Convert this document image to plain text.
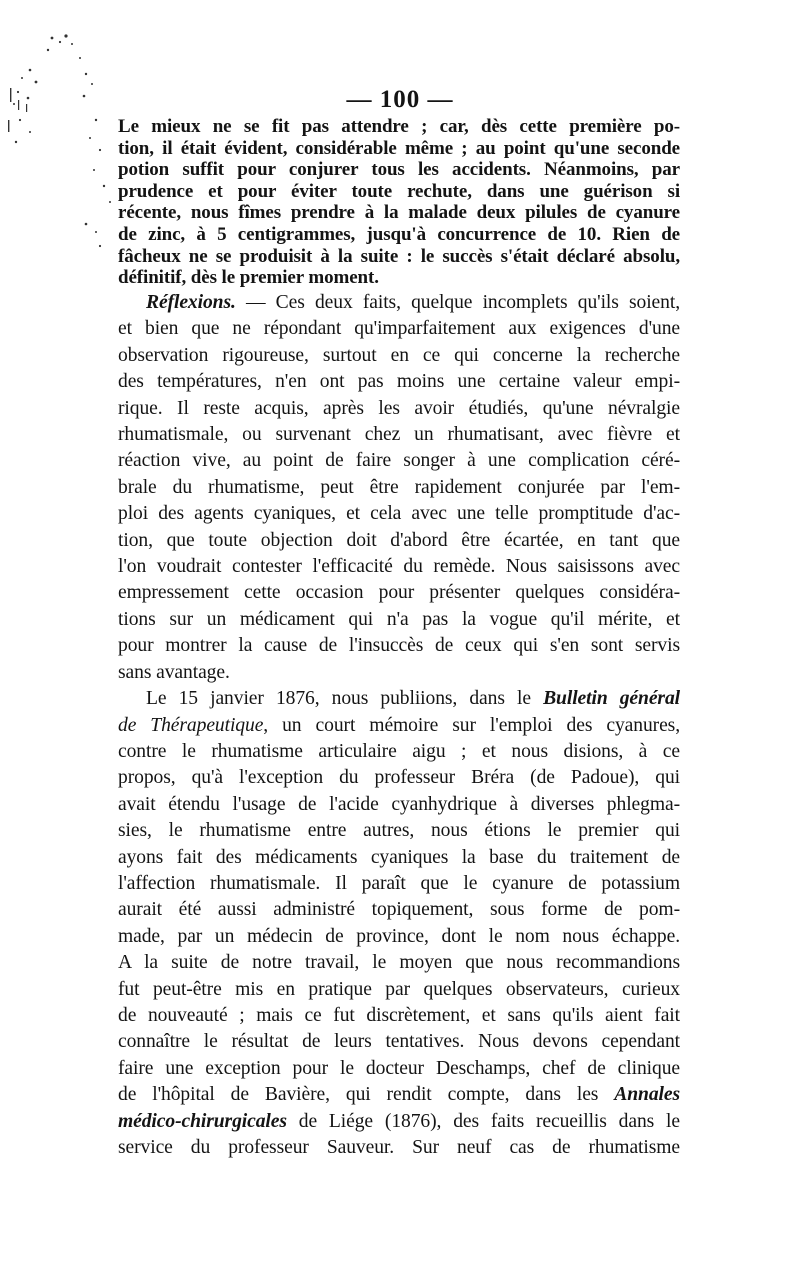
— 100 —
Le mieux ne se fit pas attendre ; car, dès cette première po-
tion, il était évident, considérable même ; au point qu'une seconde
potion suffit pour conjurer tous les accidents. Néanmoins, par
prudence et pour éviter toute rechute, dans une guérison si
récente, nous fîmes prendre à la malade deux pilules de cyanure
de zinc, à 5 centigrammes, jusqu'à concurrence de 10. Rien de
fâcheux ne se produisit à la suite : le succès s'était déclaré absolu,
définitif, dès le premier moment.
Réflexions. — Ces deux faits, quelque incomplets qu'ils soient,
et bien que ne répondant qu'imparfaitement aux exigences d'une
observation rigoureuse, surtout en ce qui concerne la recherche
des températures, n'en ont pas moins une certaine valeur empi-
rique. Il reste acquis, après les avoir étudiés, qu'une névralgie
rhumatismale, ou survenant chez un rhumatisant, avec fièvre et
réaction vive, au point de faire songer à une complication céré-
brale du rhumatisme, peut être rapidement conjurée par l'em-
ploi des agents cyaniques, et cela avec une telle promptitude d'ac-
tion, que toute objection doit d'abord être écartée, en tant que
l'on voudrait contester l'efficacité du remède. Nous saisissons avec
empressement cette occasion pour présenter quelques considéra-
tions sur un médicament qui n'a pas la vogue qu'il mérite, et
pour montrer la cause de l'insuccès de ceux qui s'en sont servis
sans avantage.
Le 15 janvier 1876, nous publiions, dans le Bulletin général
de Thérapeutique, un court mémoire sur l'emploi des cyanures,
contre le rhumatisme articulaire aigu ; et nous disions, à ce
propos, qu'à l'exception du professeur Bréra (de Padoue), qui
avait étendu l'usage de l'acide cyanhydrique à diverses phlegma-
sies, le rhumatisme entre autres, nous étions le premier qui
ayons fait des médicaments cyaniques la base du traitement de
l'affection rhumatismale. Il paraît que le cyanure de potassium
aurait été aussi administré topiquement, sous forme de pom-
made, par un médecin de province, dont le nom nous échappe.
A la suite de notre travail, le moyen que nous recommandions
fut peut-être mis en pratique par quelques observateurs, curieux
de nouveauté ; mais ce fut discrètement, et sans qu'ils aient fait
connaître le résultat de leurs tentatives. Nous devons cependant
faire une exception pour le docteur Deschamps, chef de clinique
de l'hôpital de Bavière, qui rendit compte, dans les Annales
médico-chirurgicales de Liége (1876), des faits recueillis dans le
service du professeur Sauveur. Sur neuf cas de rhumatisme
